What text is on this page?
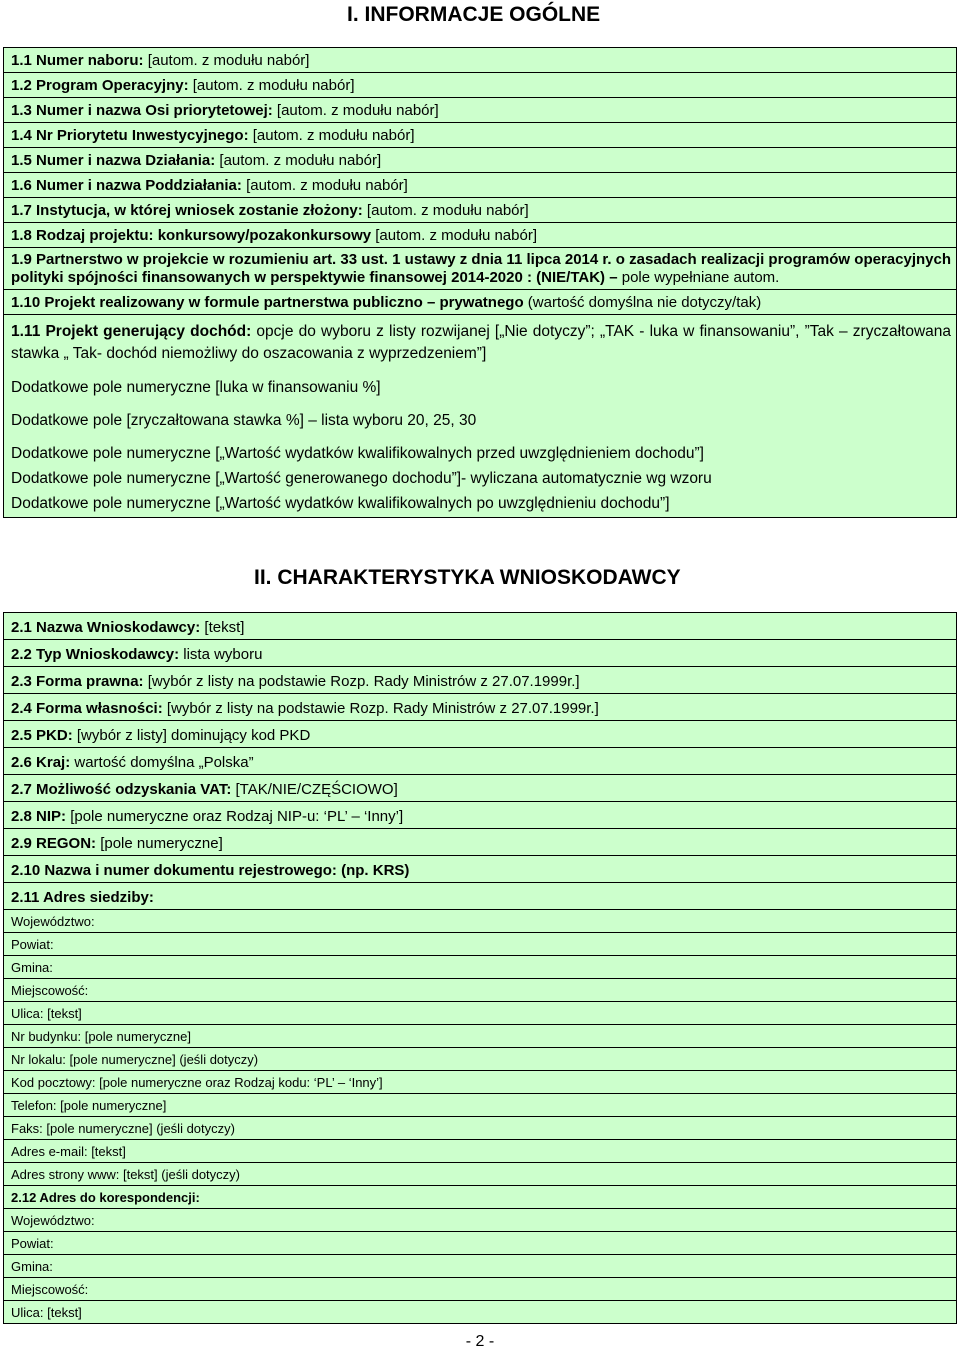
I. INFORMACJE OGÓLNE
1.1 Numer naboru: [autom. z modułu nabór]
1.2 Program Operacyjny: [autom. z modułu nabór]
1.3 Numer i nazwa Osi priorytetowej: [autom. z modułu nabór]
1.4 Nr Priorytetu Inwestycyjnego: [autom. z modułu nabór]
1.5 Numer i nazwa Działania: [autom. z modułu nabór]
1.6 Numer i nazwa Poddziałania: [autom. z modułu nabór]
1.7 Instytucja, w której wniosek zostanie złożony: [autom. z modułu nabór]
1.8 Rodzaj projektu: konkursowy/pozakonkursowy [autom. z modułu nabór]
1.9 Partnerstwo w projekcie w rozumieniu art. 33 ust. 1 ustawy z dnia 11 lipca 2014 r. o zasadach realizacji programów operacyjnych polityki spójności finansowanych w perspektywie finansowej 2014-2020 : (NIE/TAK) – pole wypełniane autom.
1.10 Projekt realizowany w formule partnerstwa publiczno – prywatnego (wartość domyślna nie dotyczy/tak)
1.11 Projekt generujący dochód: opcje do wyboru z listy rozwijanej [„Nie dotyczy”; „TAK - luka w finansowaniu”, ”Tak – zryczałtowana stawka „ Tak- dochód niemożliwy do oszacowania z wyprzedzeniem”]
Dodatkowe pole numeryczne [luka w finansowaniu %]
Dodatkowe pole [zryczałtowana stawka %] – lista wyboru 20, 25, 30
Dodatkowe pole numeryczne [„Wartość wydatków kwalifikowalnych przed uwzględnieniem dochodu”]
Dodatkowe pole numeryczne [„Wartość generowanego dochodu”]- wyliczana automatycznie wg wzoru
Dodatkowe pole numeryczne [„Wartość wydatków kwalifikowalnych po uwzględnieniu dochodu”]
II. CHARAKTERYSTYKA WNIOSKODAWCY
2.1 Nazwa Wnioskodawcy: [tekst]
2.2 Typ Wnioskodawcy: lista wyboru
2.3 Forma prawna: [wybór z listy na podstawie Rozp. Rady Ministrów z 27.07.1999r.]
2.4 Forma własności: [wybór z listy na podstawie Rozp. Rady Ministrów z 27.07.1999r.]
2.5 PKD: [wybór z listy] dominujący kod PKD
2.6 Kraj: wartość domyślna „Polska”
2.7 Możliwość odzyskania VAT: [TAK/NIE/CZĘŚCIOWO]
2.8 NIP: [pole numeryczne oraz Rodzaj NIP-u: ‘PL’ – ‘Inny’]
2.9 REGON: [pole numeryczne]
2.10 Nazwa i numer dokumentu rejestrowego: (np. KRS)
2.11 Adres siedziby:
Województwo:
Powiat:
Gmina:
Miejscowość:
Ulica: [tekst]
Nr budynku: [pole numeryczne]
Nr lokalu: [pole numeryczne] (jeśli dotyczy)
Kod pocztowy: [pole numeryczne oraz Rodzaj kodu: ‘PL’ – ‘Inny’]
Telefon: [pole numeryczne]
Faks: [pole numeryczne] (jeśli dotyczy)
Adres e-mail: [tekst]
Adres strony www: [tekst] (jeśli dotyczy)
2.12 Adres do korespondencji:
Województwo:
Powiat:
Gmina:
Miejscowość:
Ulica: [tekst]
- 2 -
